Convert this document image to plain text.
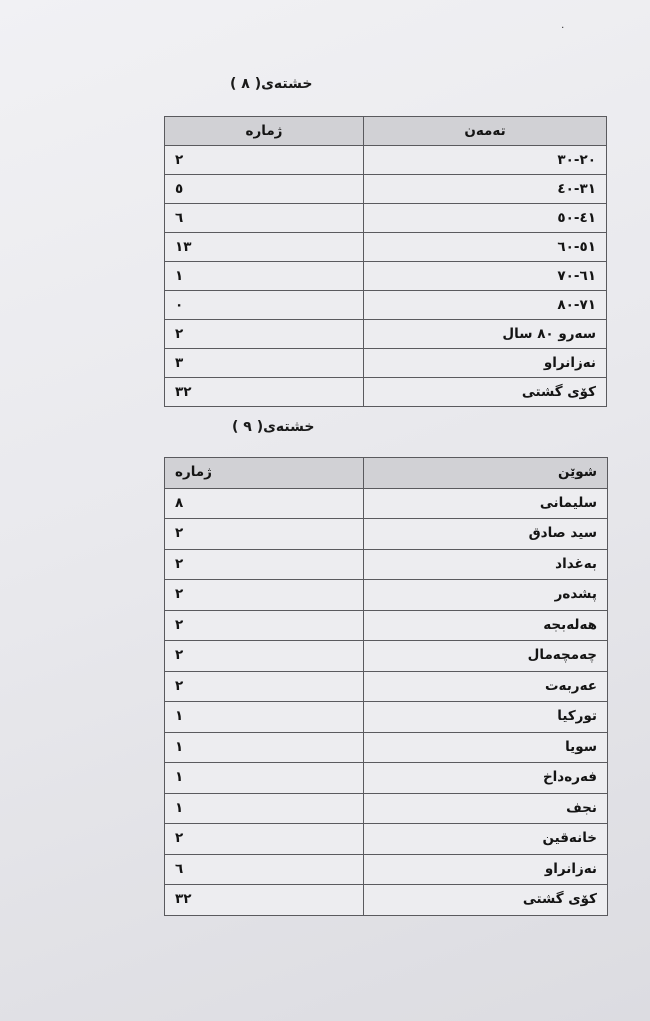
٠
خشتەی( ٨ )
تەمەن	ژمارە
٢٠-٣٠	٢
٣١-٤٠	٥
٤١-٥٠	٦
٥١-٦٠	١٣
٦١-٧٠	١
٧١-٨٠	٠
سەرو ٨٠ سال	٢
نەزانراو	٣
کۆی گشتی	٣٢
خشتەی( ٩ )
شوێن	ژمارە
سلیمانی	٨
سید صادق	٢
بەغداد	٢
پشدەر	٢
هەلەبجە	٢
چەمچەمال	٢
عەربەت	٢
تورکیا	١
سویا	١
فەرەداخ	١
نجف	١
خانەقین	٢
نەزانراو	٦
کۆی گشتی	٣٢
